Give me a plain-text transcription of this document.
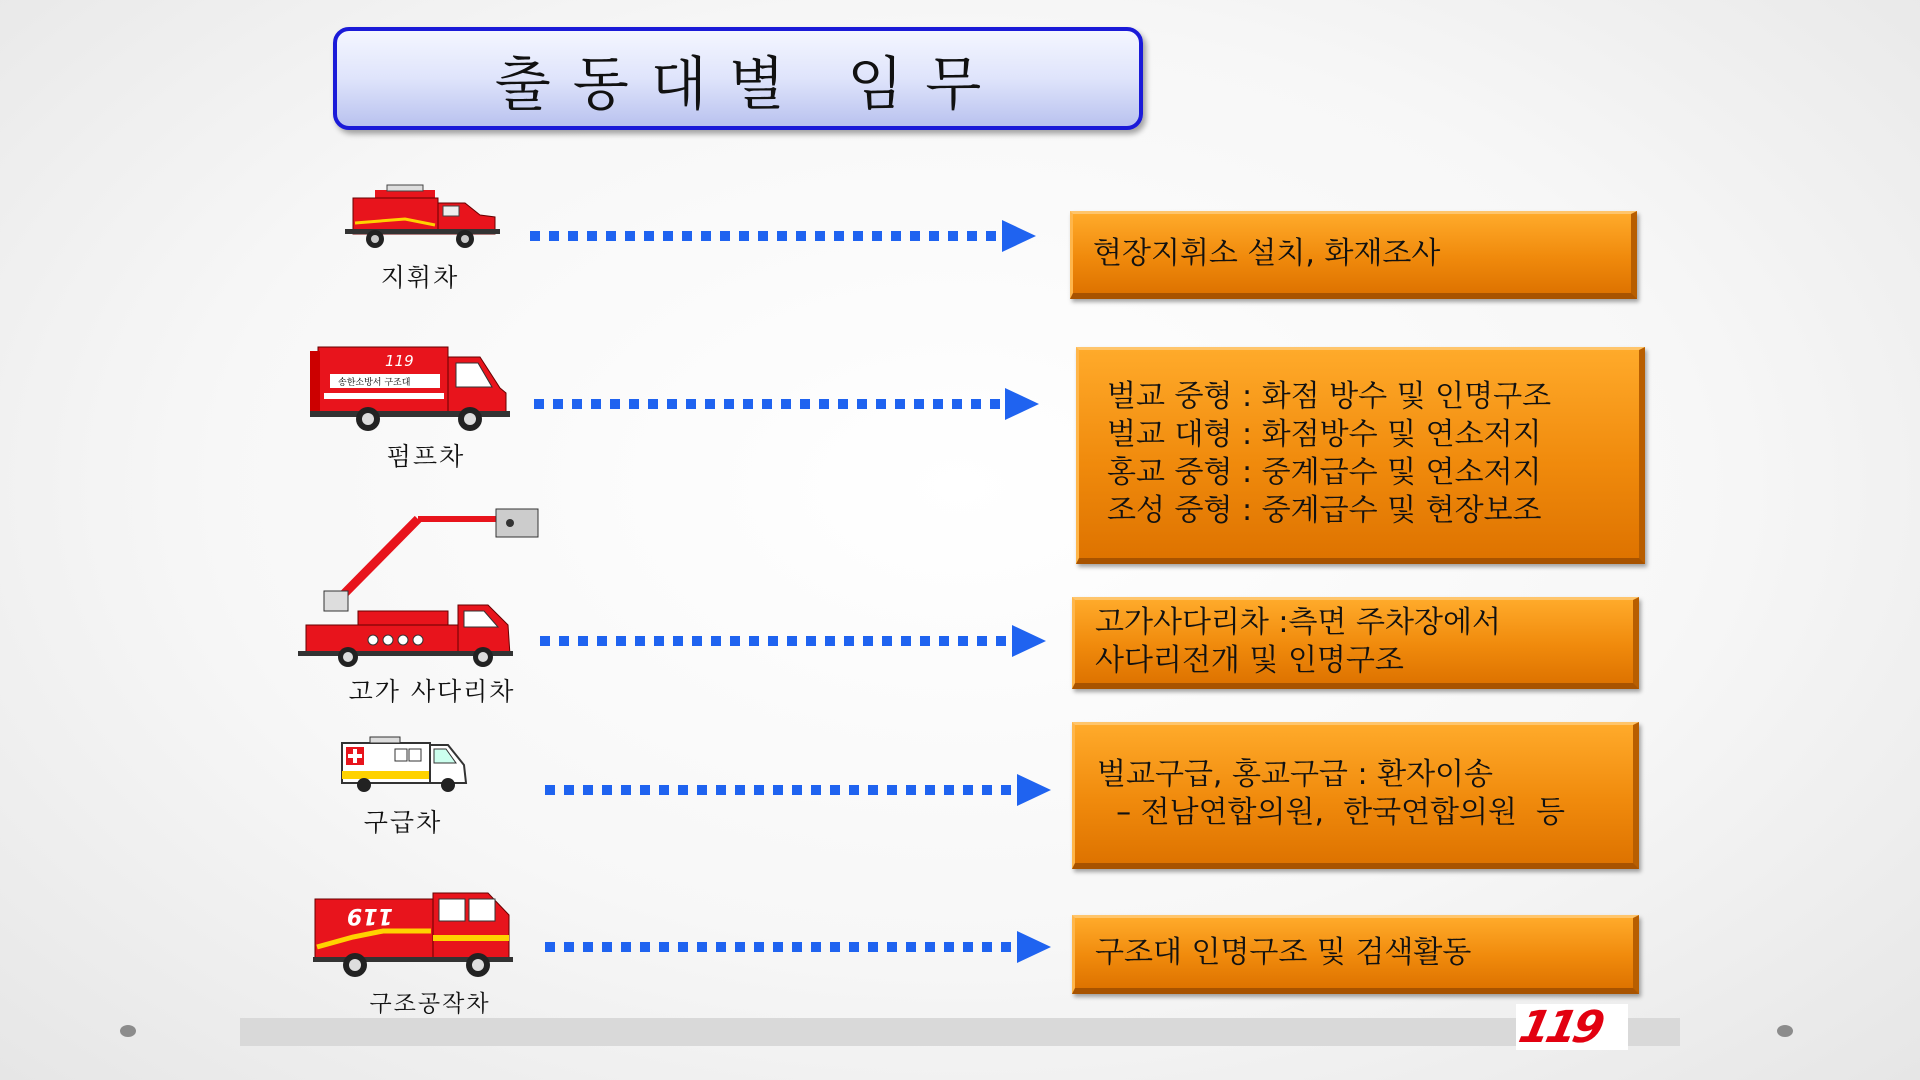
출동대별 임무
지휘차
119
송한소방서 구조대
펌프차
고가 사다리차
구급차
119
구조공작차
현장지휘소 설치, 화재조사
벌교 중형 : 화점 방수 및 인명구조
벌교 대형 : 화점방수 및 연소저지
홍교 중형 : 중계급수 및 연소저지
조성 중형 : 중계급수 및 현장보조
고가사다리차 :측면 주차장에서
사다리전개 및 인명구조
벌교구급, 홍교구급 : 환자이송
– 전남연합의원,  한국연합의원  등
구조대 인명구조 및 검색활동
119
